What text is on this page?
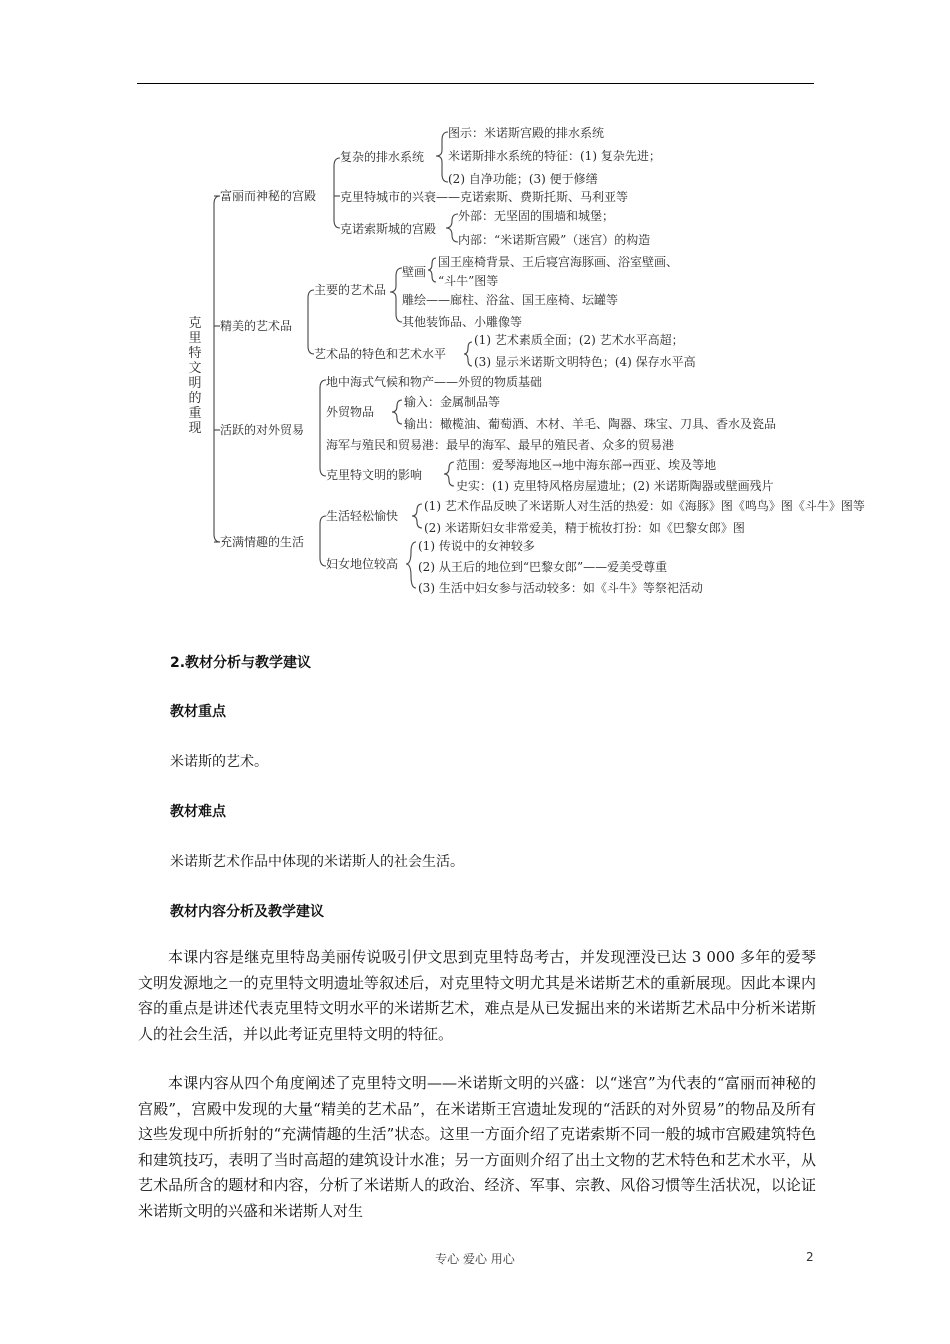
克里特文明的重现
富丽而神秘的宫殿
复杂的排水系统
图示：米诺斯宫殿的排水系统
米诺斯排水系统的特征：(1) 复杂先进；
(2) 自净功能；(3) 便于修缮
克里特城市的兴衰——克诺索斯、费斯托斯、马利亚等
克诺索斯城的宫殿
外部：无坚固的围墙和城堡；
内部：“米诺斯宫殿”（迷宫）的构造
精美的艺术品
主要的艺术品
壁画
国王座椅背景、王后寝宫海豚画、浴室壁画、
“斗牛”图等
雕绘——廊柱、浴盆、国王座椅、坛罐等
其他装饰品、小雕像等
艺术品的特色和艺术水平
(1) 艺术素质全面；(2) 艺术水平高超；
(3) 显示米诺斯文明特色；(4) 保存水平高
活跃的对外贸易
地中海式气候和物产——外贸的物质基础
外贸物品
输入：金属制品等
输出：橄榄油、葡萄酒、木材、羊毛、陶器、珠宝、刀具、香水及瓷品
海军与殖民和贸易港：最早的海军、最早的殖民者、众多的贸易港
克里特文明的影响
范围：爱琴海地区→地中海东部→西亚、埃及等地
史实：(1) 克里特风格房屋遗址；(2) 米诺斯陶器或壁画残片
充满情趣的生活
生活轻松愉快
(1) 艺术作品反映了米诺斯人对生活的热爱：如《海豚》图《鸣鸟》图《斗牛》图等
(2) 米诺斯妇女非常爱美，精于梳妆打扮：如《巴黎女郎》图
妇女地位较高
(1) 传说中的女神较多
(2) 从王后的地位到“巴黎女郎”——爱美受尊重
(3) 生活中妇女参与活动较多：如《斗牛》等祭祀活动
2.教材分析与教学建议
教材重点
米诺斯的艺术。
教材难点
米诺斯艺术作品中体现的米诺斯人的社会生活。
教材内容分析及教学建议

本课内容是继克里特岛美丽传说吸引伊文思到克里特岛考古，并发现湮没已达 3 000 多年的爱琴文明发源地之一的克里特文明遗址等叙述后，对克里特文明尤其是米诺斯艺术的重新展现。因此本课内容的重点是讲述代表克里特文明水平的米诺斯艺术，难点是从已发掘出来的米诺斯艺术品中分析米诺斯人的社会生活，并以此考证克里特文明的特征。

本课内容从四个角度阐述了克里特文明——米诺斯文明的兴盛：以“迷宫”为代表的“富丽而神秘的宫殿”，宫殿中发现的大量“精美的艺术品”，在米诺斯王宫遗址发现的“活跃的对外贸易”的物品及所有这些发现中所折射的“充满情趣的生活”状态。这里一方面介绍了克诺索斯不同一般的城市宫殿建筑特色和建筑技巧，表明了当时高超的建筑设计水准；另一方面则介绍了出土文物的艺术特色和艺术水平，从艺术品所含的题材和内容，分析了米诺斯人的政治、经济、军事、宗教、风俗习惯等生活状况，以论证米诺斯文明的兴盛和米诺斯人对生

专心 爱心 用心	2
